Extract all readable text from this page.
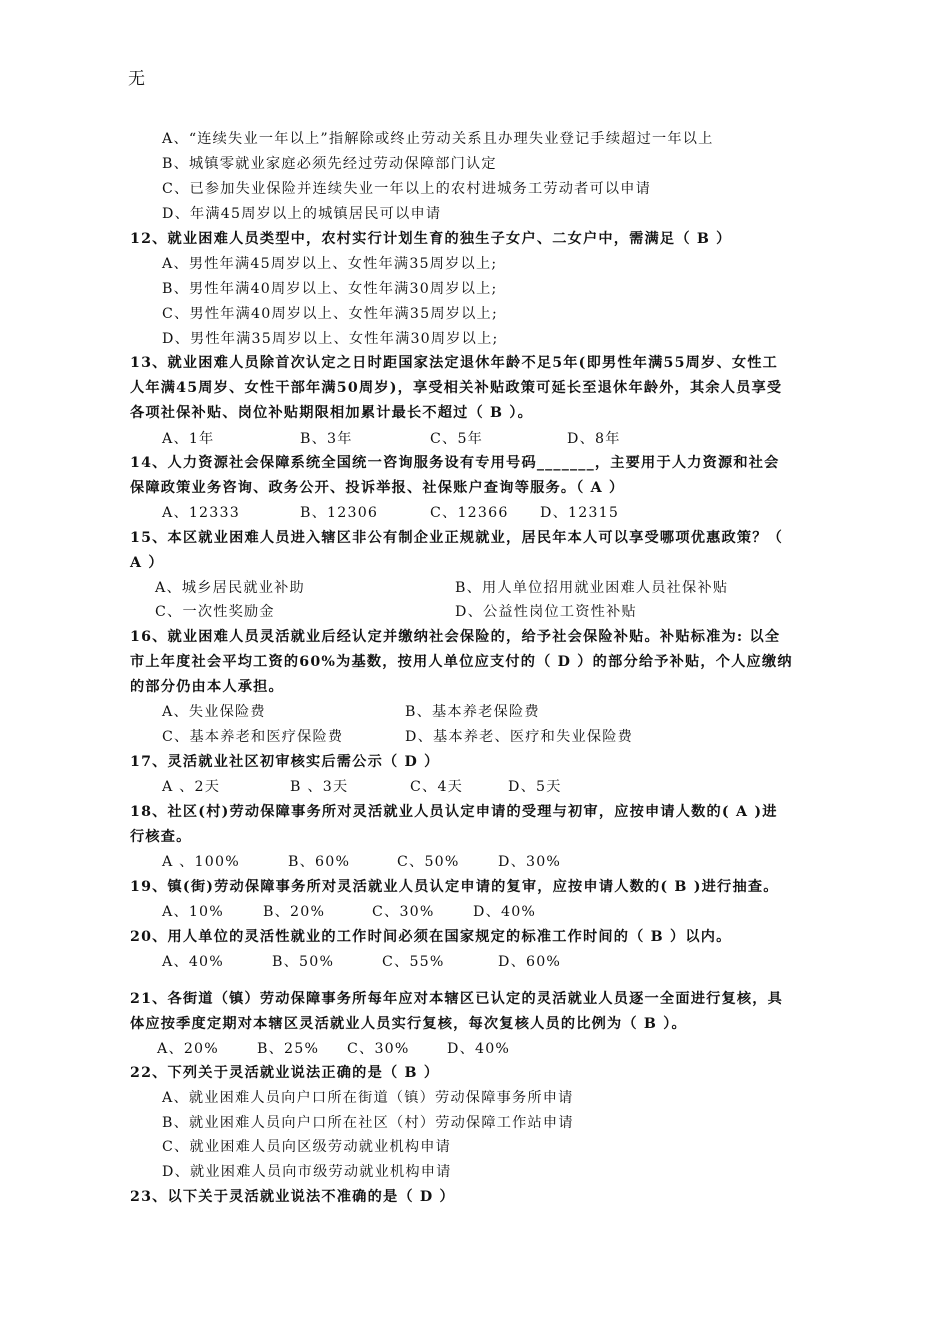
无
A、“连续失业一年以上”指解除或终止劳动关系且办理失业登记手续超过一年以上
B、城镇零就业家庭必须先经过劳动保障部门认定
C、已参加失业保险并连续失业一年以上的农村进城务工劳动者可以申请
D、年满45周岁以上的城镇居民可以申请
12、就业困难人员类型中，农村实行计划生育的独生子女户、二女户中，需满足（ B ）
A、男性年满45周岁以上、女性年满35周岁以上;
B、男性年满40周岁以上、女性年满30周岁以上;
C、男性年满40周岁以上、女性年满35周岁以上;
D、男性年满35周岁以上、女性年满30周岁以上;
13、就业困难人员除首次认定之日时距国家法定退休年龄不足5年(即男性年满55周岁、女性工
人年满45周岁、女性干部年满50周岁)，享受相关补贴政策可延长至退休年龄外，其余人员享受
各项社保补贴、岗位补贴期限相加累计最长不超过（ B ）。
A、1年	B、3年	C、5年	D、8年
14、人力资源社会保障系统全国统一咨询服务设有专用号码_______，主要用于人力资源和社会
保障政策业务咨询、政务公开、投诉举报、社保账户查询等服务。（ A ）
A、12333	B、12306	C、12366 D、12315
15、本区就业困难人员进入辖区非公有制企业正规就业，居民年本人可以享受哪项优惠政策？（
A ）
A、城乡居民就业补助	B、用人单位招用就业困难人员社保补贴
C、一次性奖励金	D、公益性岗位工资性补贴
16、就业困难人员灵活就业后经认定并缴纳社会保险的，给予社会保险补贴。补贴标准为: 以全
市上年度社会平均工资的60%为基数，按用人单位应支付的（ D ）的部分给予补贴，个人应缴纳
的部分仍由本人承担。
A、失业保险费	B、基本养老保险费
C、基本养老和医疗保险费	D、基本养老、医疗和失业保险费
17、灵活就业社区初审核实后需公示（ D ）
A 、2天	B 、3天	C、4天	D、5天
18、社区(村)劳动保障事务所对灵活就业人员认定申请的受理与初审，应按申请人数的( A )进
行核查。
A 、100%	B、60%	C、50%	D、30%
19、镇(街)劳动保障事务所对灵活就业人员认定申请的复审，应按申请人数的( B )进行抽查。
A、10%	B、20%	C、30%	D、40%
20、用人单位的灵活性就业的工作时间必须在国家规定的标准工作时间的（ B ）以内。
A、40%	B、50%	C、55%	D、60%
21、各街道（镇）劳动保障事务所每年应对本辖区已认定的灵活就业人员逐一全面进行复核，具
体应按季度定期对本辖区灵活就业人员实行复核，每次复核人员的比例为（ B ）。
A、20%	B、25% C、30%	D、40%
22、下列关于灵活就业说法正确的是（ B ）
A、就业困难人员向户口所在街道（镇）劳动保障事务所申请
B、就业困难人员向户口所在社区（村）劳动保障工作站申请
C、就业困难人员向区级劳动就业机构申请
D、就业困难人员向市级劳动就业机构申请
23、以下关于灵活就业说法不准确的是（ D ）
